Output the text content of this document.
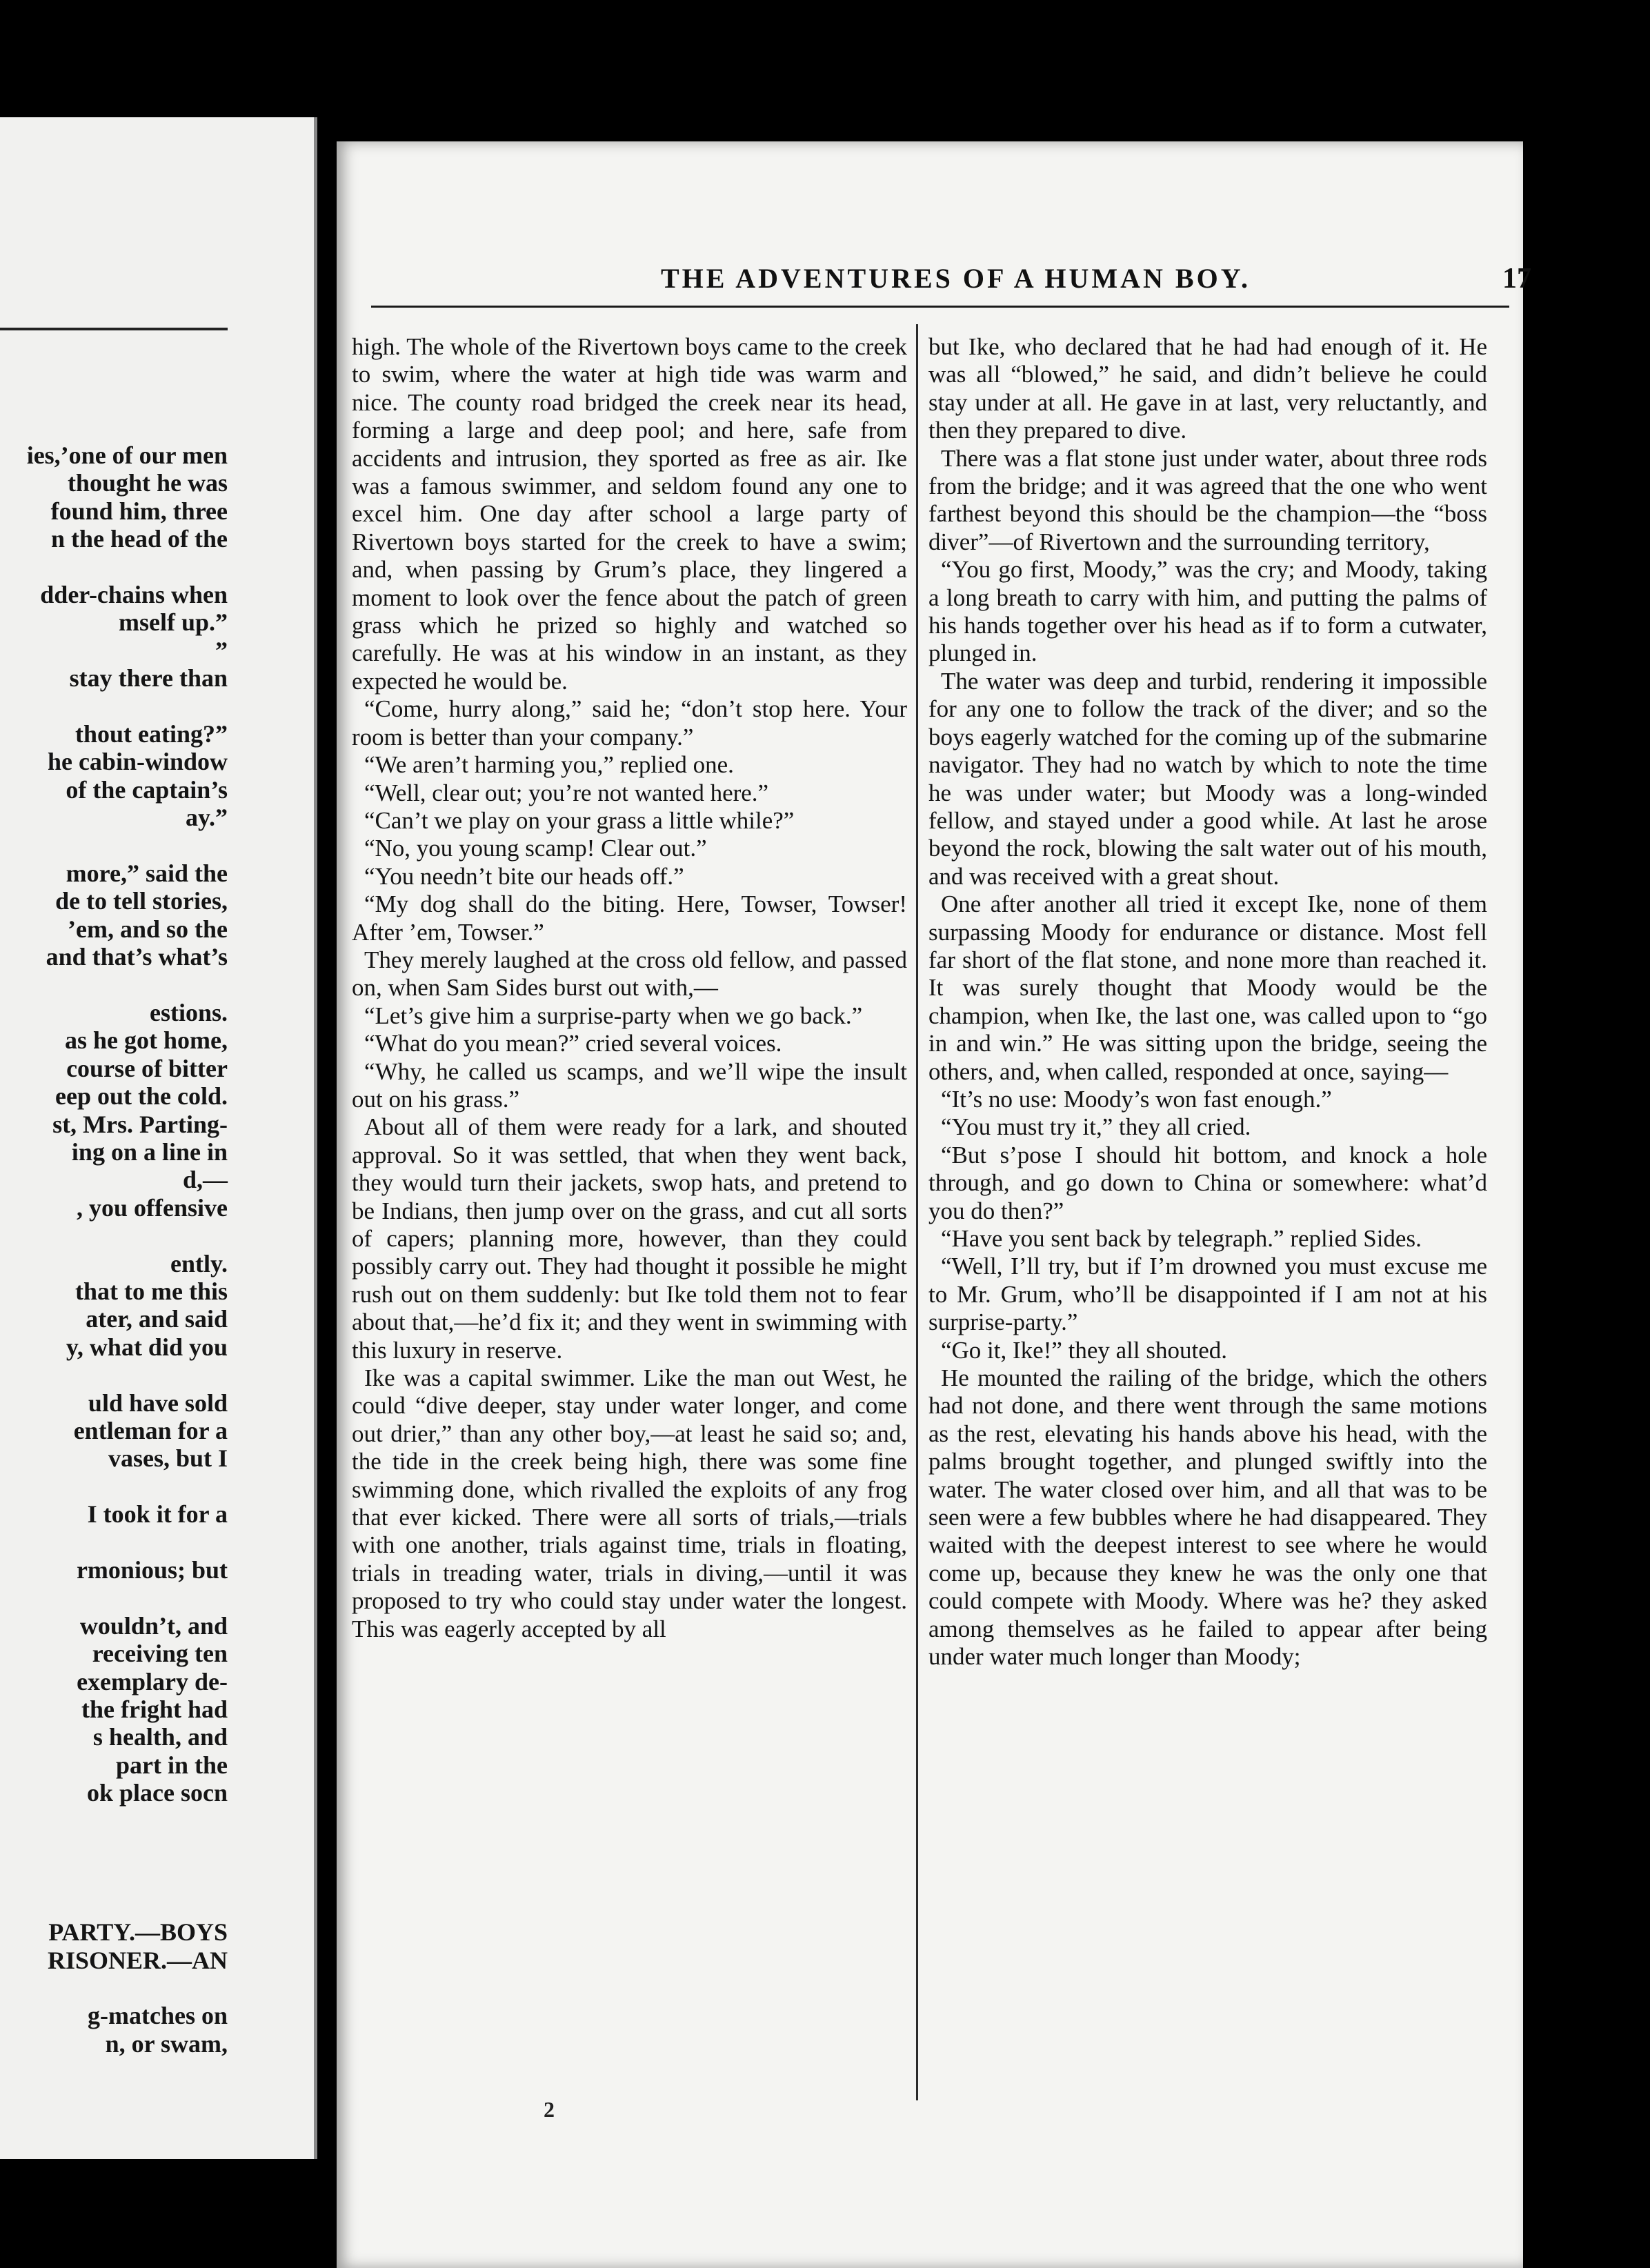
ies,’one of our men
thought he was
found him, three
n the head of the
dder-chains when
mself up.”
”
stay there than
thout eating?”
he cabin-window
of the captain’s
ay.”
more,” said the
de to tell stories,
’em, and so the
and that’s what’s
estions.
as he got home,
course of bitter
eep out the cold.
st, Mrs. Parting-
ing on a line in
d,—
, you offensive
ently.
that to me this
ater, and said
y, what did you
uld have sold
entleman for a
vases, but I
I took it for a
rmonious; but
wouldn’t, and
receiving ten
exemplary de-
the fright had
s health, and
part in the
ok place socn
PARTY.—BOYS
RISONER.—AN
g-matches on
n, or swam,
THE ADVENTURES OF A HUMAN BOY.	17

high. The whole of the Rivertown boys came to the creek to swim, where the water at high tide was warm and nice. The county road bridged the creek near its head, forming a large and deep pool; and here, safe from accidents and intrusion, they sported as free as air. Ike was a famous swimmer, and seldom found any one to excel him. One day after school a large party of Rivertown boys started for the creek to have a swim; and, when passing by Grum’s place, they lingered a moment to look over the fence about the patch of green grass which he prized so highly and watched so carefully. He was at his window in an instant, as they expected he would be.

“Come, hurry along,” said he; “don’t stop here. Your room is better than your company.”

“We aren’t harming you,” replied one.

“Well, clear out; you’re not wanted here.”

“Can’t we play on your grass a little while?”

“No, you young scamp! Clear out.”

“You needn’t bite our heads off.”

“My dog shall do the biting. Here, Towser, Towser! After ’em, Towser.”

They merely laughed at the cross old fellow, and passed on, when Sam Sides burst out with,—

“Let’s give him a surprise-party when we go back.”

“What do you mean?” cried several voices.

“Why, he called us scamps, and we’ll wipe the insult out on his grass.”

About all of them were ready for a lark, and shouted approval. So it was settled, that when they went back, they would turn their jackets, swop hats, and pretend to be Indians, then jump over on the grass, and cut all sorts of capers; planning more, however, than they could possibly carry out. They had thought it possible he might rush out on them suddenly: but Ike told them not to fear about that,—he’d fix it; and they went in swimming with this luxury in reserve.

Ike was a capital swimmer. Like the man out West, he could “dive deeper, stay under water longer, and come out drier,” than any other boy,—at least he said so; and, the tide in the creek being high, there was some fine swimming done, which rivalled the exploits of any frog that ever kicked. There were all sorts of trials,—trials with one another, trials against time, trials in floating, trials in treading water, trials in diving,—until it was proposed to try who could stay under water the longest. This was eagerly accepted by all

but Ike, who declared that he had had enough of it. He was all “blowed,” he said, and didn’t believe he could stay under at all. He gave in at last, very reluctantly, and then they prepared to dive.

There was a flat stone just under water, about three rods from the bridge; and it was agreed that the one who went farthest beyond this should be the champion—the “boss diver”—of Rivertown and the surrounding territory,

“You go first, Moody,” was the cry; and Moody, taking a long breath to carry with him, and putting the palms of his hands together over his head as if to form a cutwater, plunged in.

The water was deep and turbid, rendering it impossible for any one to follow the track of the diver; and so the boys eagerly watched for the coming up of the submarine navigator. They had no watch by which to note the time he was under water; but Moody was a long-winded fellow, and stayed under a good while. At last he arose beyond the rock, blowing the salt water out of his mouth, and was received with a great shout.

One after another all tried it except Ike, none of them surpassing Moody for endurance or distance. Most fell far short of the flat stone, and none more than reached it. It was surely thought that Moody would be the champion, when Ike, the last one, was called upon to “go in and win.” He was sitting upon the bridge, seeing the others, and, when called, responded at once, saying—

“It’s no use: Moody’s won fast enough.”

“You must try it,” they all cried.

“But s’pose I should hit bottom, and knock a hole through, and go down to China or somewhere: what’d you do then?”

“Have you sent back by telegraph.” replied Sides.

“Well, I’ll try, but if I’m drowned you must excuse me to Mr. Grum, who’ll be disappointed if I am not at his surprise-party.”

“Go it, Ike!” they all shouted.

He mounted the railing of the bridge, which the others had not done, and there went through the same motions as the rest, elevating his hands above his head, with the palms brought together, and plunged swiftly into the water. The water closed over him, and all that was to be seen were a few bubbles where he had disappeared. They waited with the deepest interest to see where he would come up, because they knew he was the only one that could compete with Moody. Where was he? they asked among themselves as he failed to appear after being under water much longer than Moody;

2
